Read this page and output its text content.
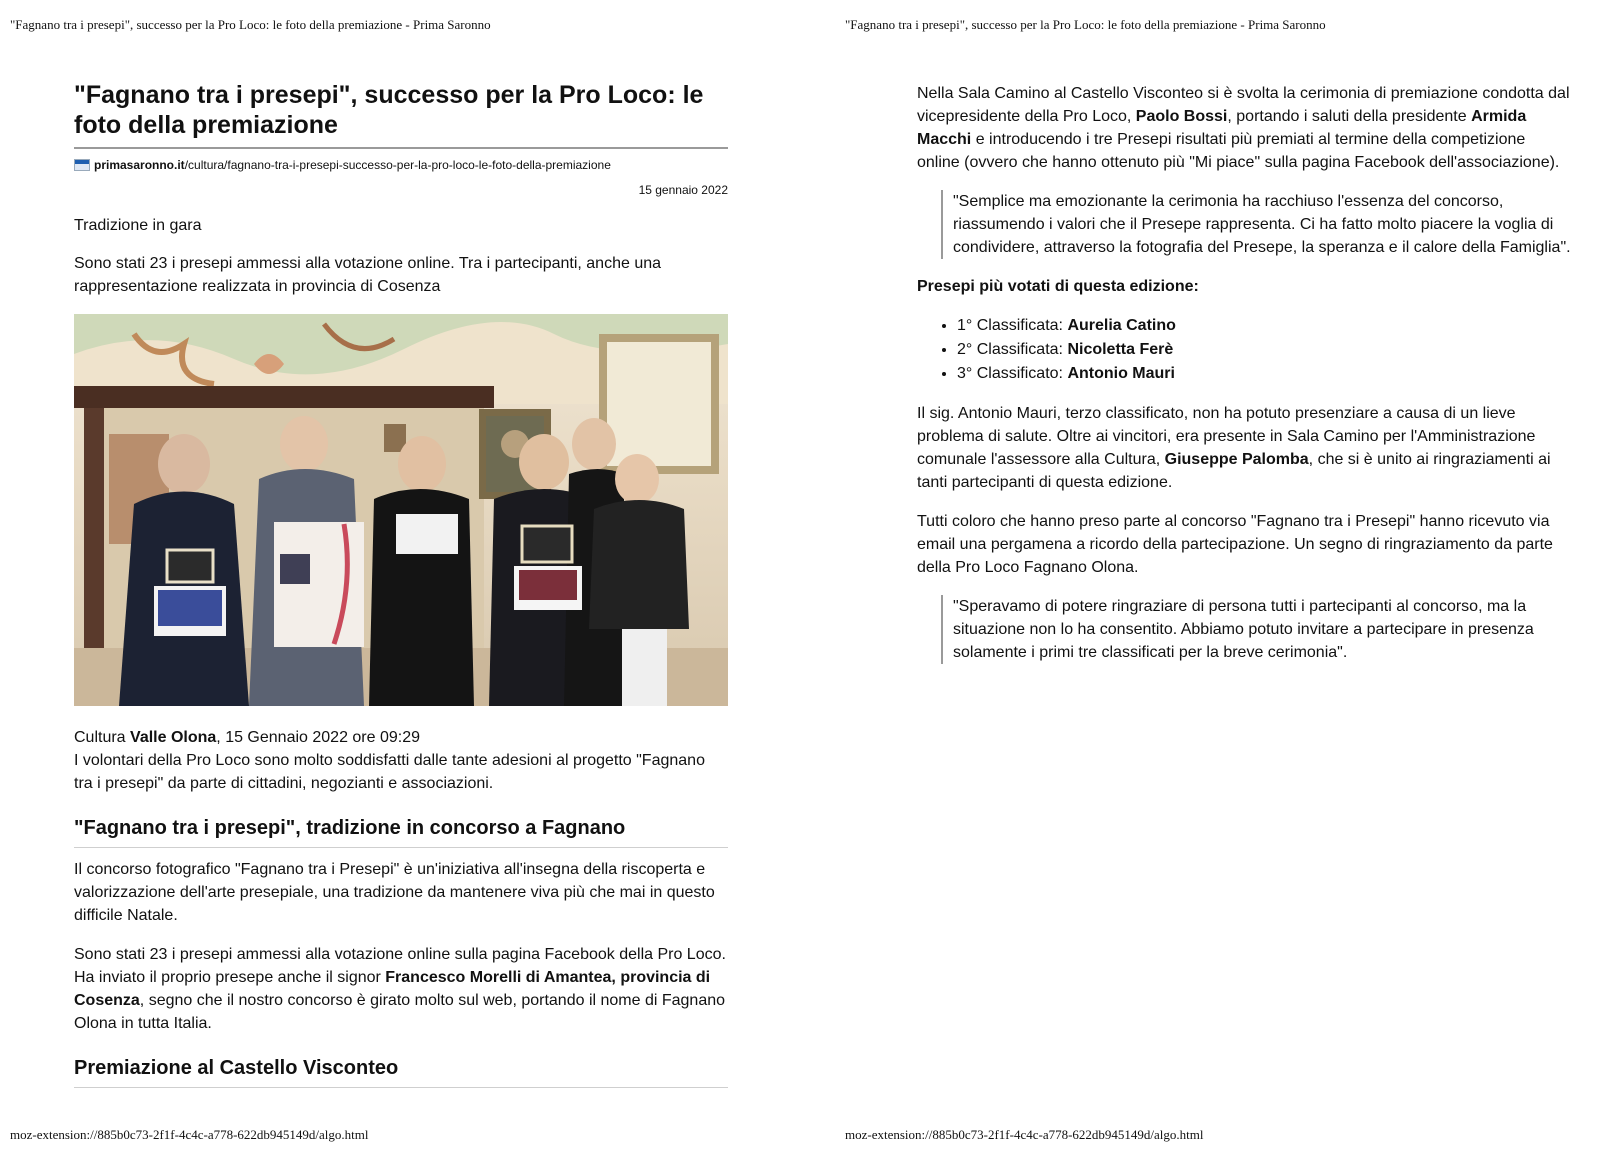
"Fagnano tra i presepi", successo per la Pro Loco: le foto della premiazione - Prima Saronno
"Fagnano tra i presepi", successo per la Pro Loco: le foto della premiazione
primasaronno.it /cultura/fagnano-tra-i-presepi-successo-per-la-pro-loco-le-foto-della-premiazione
15 gennaio 2022

Tradizione in gara

Sono stati 23 i presepi ammessi alla votazione online. Tra i partecipanti, anche una rappresentazione realizzata in provincia di Cosenza

Cultura Valle Olona, 15 Gennaio 2022 ore 09:29

I volontari della Pro Loco sono molto soddisfatti dalle tante adesioni al progetto "Fagnano tra i presepi" da parte di cittadini, negozianti e associazioni.

"Fagnano tra i presepi", tradizione in concorso a Fagnano

Il concorso fotografico "Fagnano tra i Presepi" è un'iniziativa all'insegna della riscoperta e valorizzazione dell'arte presepiale, una tradizione da mantenere viva più che mai in questo difficile Natale.

Sono stati 23 i presepi ammessi alla votazione online sulla pagina Facebook della Pro Loco. Ha inviato il proprio presepe anche il signor Francesco Morelli di Amantea, provincia di Cosenza, segno che il nostro concorso è girato molto sul web, portando il nome di Fagnano Olona in tutta Italia.

Premiazione al Castello Visconteo
moz-extension://885b0c73-2f1f-4c4c-a778-622db945149d/algo.html
"Fagnano tra i presepi", successo per la Pro Loco: le foto della premiazione - Prima Saronno

Nella Sala Camino al Castello Visconteo si è svolta la cerimonia di premiazione condotta dal vicepresidente della Pro Loco, Paolo Bossi, portando i saluti della presidente Armida Macchi e introducendo i tre Presepi risultati più premiati al termine della competizione online (ovvero che hanno ottenuto più "Mi piace" sulla pagina Facebook dell'associazione).

"Semplice ma emozionante la cerimonia ha racchiuso l'essenza del concorso, riassumendo i valori che il Presepe rappresenta. Ci ha fatto molto piacere la voglia di condividere, attraverso la fotografia del Presepe, la speranza e il calore della Famiglia".
Presepi più votati di questa edizione:
• 1° Classificata: Aurelia Catino
• 2° Classificata: Nicoletta Ferè
• 3° Classificato: Antonio Mauri

Il sig. Antonio Mauri, terzo classificato, non ha potuto presenziare a causa di un lieve problema di salute. Oltre ai vincitori, era presente in Sala Camino per l'Amministrazione comunale l'assessore alla Cultura, Giuseppe Palomba, che si è unito ai ringraziamenti ai tanti partecipanti di questa edizione.

Tutti coloro che hanno preso parte al concorso "Fagnano tra i Presepi" hanno ricevuto via email una pergamena a ricordo della partecipazione. Un segno di ringraziamento da parte della Pro Loco Fagnano Olona.

"Speravamo di potere ringraziare di persona tutti i partecipanti al concorso, ma la situazione non lo ha consentito. Abbiamo potuto invitare a partecipare in presenza solamente i primi tre classificati per la breve cerimonia".
moz-extension://885b0c73-2f1f-4c4c-a778-622db945149d/algo.html
